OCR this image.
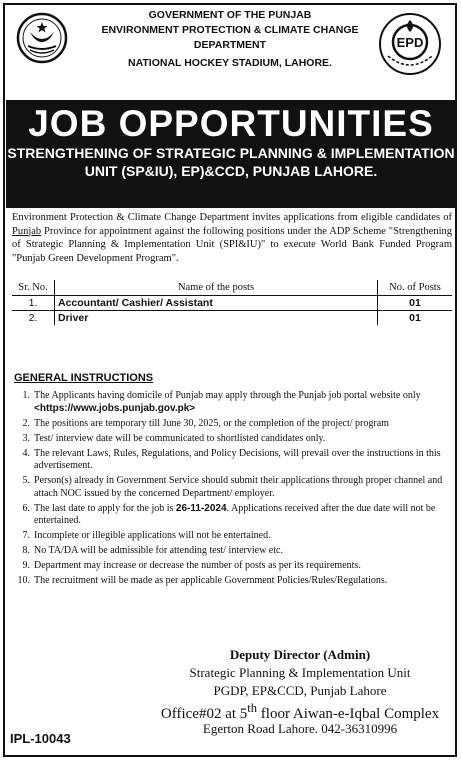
EPD
GOVERNMENT OF THE PUNJAB
ENVIRONMENT PROTECTION & CLIMATE CHANGE
DEPARTMENT
NATIONAL HOCKEY STADIUM, LAHORE.
JOB OPPORTUNITIES
STRENGTHENING OF STRATEGIC PLANNING & IMPLEMENTATION
UNIT (SP&IU), EP)&CCD, PUNJAB LAHORE.
Environment Protection & Climate Change Department invites applications from eligible candidates of Punjab Province for appointment against the following positions under the ADP Scheme "Strengthening of Strategic Planning & Implementation Unit (SPI&IU)" to execute World Bank Funded Program "Punjab Green Development Program".
Sr. No.	Name of the posts	No. of Posts
1.	Accountant/ Cashier/ Assistant	01
2.	Driver	01
GENERAL INSTRUCTIONS
1. The Applicants having domicile of Punjab may apply through the Punjab job portal website only <https://www.jobs.punjab.gov.pk>
2. The positions are temporary till June 30, 2025, or the completion of the project/ program
3. Test/ interview date will be communicated to shortlisted candidates only.
4. The relevant Laws, Rules, Regulations, and Policy Decisions, will prevail over the instructions in this advertisement.
5. Person(s) already in Government Service should submit their applications through proper channel and attach NOC issued by the concerned Department/ employer.
6. The last date to apply for the job is 26-11-2024. Applications received after the due date will not be entertained.
7. Incomplete or illegible applications will not be entertained.
8. No TA/DA will be admissible for attending test/ interview etc.
9. Department may increase or decrease the number of posts as per its requirements.
10. The recruitment will be made as per applicable Government Policies/Rules/Regulations.
Deputy Director (Admin)
Strategic Planning & Implementation Unit
PGDP, EP&CCD, Punjab Lahore
Office#02 at 5th floor Aiwan-e-Iqbal Complex
Egerton Road Lahore. 042-36310996
IPL-10043
